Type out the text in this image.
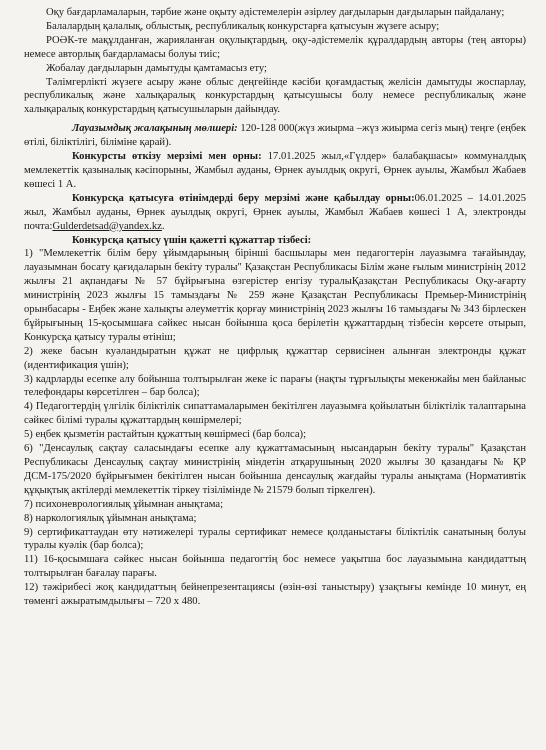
Оқу бағдарламаларын, тәрбие және оқыту әдістемелерін әзірлеу дағдыларын дағдыларын пайдалану;

Балалардың қалалық, облыстық, республикалық конкурстарға қатысуын жүзеге асыру;

РОӘК-те мақұлданған, жарияланған оқулықтардың, оқу-әдістемелік құралдардың авторы (тең авторы) немесе авторлық бағдарламасы болуы тиіс;

Жобалау дағдыларын дамытуды қамтамасыз ету;

Тәлімгерлікті жүзеге асыру және облыс деңгейінде кәсіби қоғамдастық желісін дамытуды жоспарлау, республикалық және халықаралық конкурстардың қатысушысы болу немесе республикалық және халықаралық конкурстардың қатысушыларын дайындау.

-

Лауазымдық жалақының мөлшері: 120-128 000(жүз жиырма –жүз жиырма сегіз мың) теңге (еңбек өтілі, біліктілігі, біліміне қарай).

Конкурсты өткізу мерзімі мен орны: 17.01.2025 жыл,«Гүлдер» балабақшасы» коммуналдық мемлекеттік қазыналық кәсіпорыны, Жамбыл ауданы, Өрнек ауылдық округі, Өрнек ауылы, Жамбыл Жабаев көшесі 1 А.

Конкурсқа қатысуға өтінімдерді беру мерзімі және қабылдау орны:06.01.2025 – 14.01.2025 жыл, Жамбыл ауданы, Өрнек ауылдық округі, Өрнек ауылы, Жамбыл Жабаев көшесі 1 А, электронды почта:Gulderdetsad@yandex.kz.

Конкурсқа қатысу үшін қажетті құжаттар тізбесі:

1) "Мемлекеттік білім беру ұйымдарының бірінші басшылары мен педагогтерін лауазымға тағайындау, лауазымнан босату қағидаларын бекіту туралы" Қазақстан Республикасы Білім және ғылым министрінің 2012 жылғы 21 ақпандағы № 57 бұйрығына өзгерістер енгізу туралыҚазақстан Республикасы Оқу-ағарту министрінің 2023 жылғы 15 тамыздағы № 259 және Қазақстан Республикасы Премьер-Министрінің орынбасары - Еңбек және халықты әлеуметтік қорғау министрінің 2023 жылғы 16 тамыздағы № 343 бірлескен бұйрығының 15-қосымшаға сәйкес нысан бойынша қоса берілетін құжаттардың тізбесін көрсете отырып, Конкурсқа қатысу туралы өтініш;

2) жеке басын куәландыратын құжат не цифрлық құжаттар сервисінен алынған электронды құжат (идентификация үшін);

3) кадрларды есепке алу бойынша толтырылған жеке іс парағы (нақты тұрғылықты мекенжайы мен байланыс телефондары көрсетілген – бар болса);

4) Педагогтердің үлгілік біліктілік сипаттамаларымен бекітілген лауазымға қойылатын біліктілік талаптарына сәйкес білімі туралы құжаттардың көшірмелері;

5) еңбек қызметін растайтын құжаттың көшірмесі (бар болса);

6) "Денсаулық сақтау саласындағы есепке алу құжаттамасының нысандарын бекіту туралы" Қазақстан Республикасы Денсаулық сақтау министрінің міндетін атқарушының 2020 жылғы 30 қазандағы № ҚР ДСМ-175/2020 бұйрығымен бекітілген нысан бойынша денсаулық жағдайы туралы анықтама (Нормативтік құқықтық актілерді мемлекеттік тіркеу тізілімінде № 21579 болып тіркелген).

7) психоневрологиялық ұйымнан анықтама;

8) наркологиялық ұйымнан анықтама;

9) сертификаттаудан өту нәтижелері туралы сертификат немесе қолданыстағы біліктілік санатының болуы туралы куәлік (бар болса);

11) 16-қосымшаға сәйкес нысан бойынша педагогтің бос немесе уақытша бос лауазымына кандидаттың толтырылған бағалау парағы.

12) тәжірибесі жоқ кандидаттың бейнепрезентациясы (өзін-өзі таныстыру) ұзақтығы кемінде 10 минут, ең төменгі ажыратымдылығы – 720 x 480.
